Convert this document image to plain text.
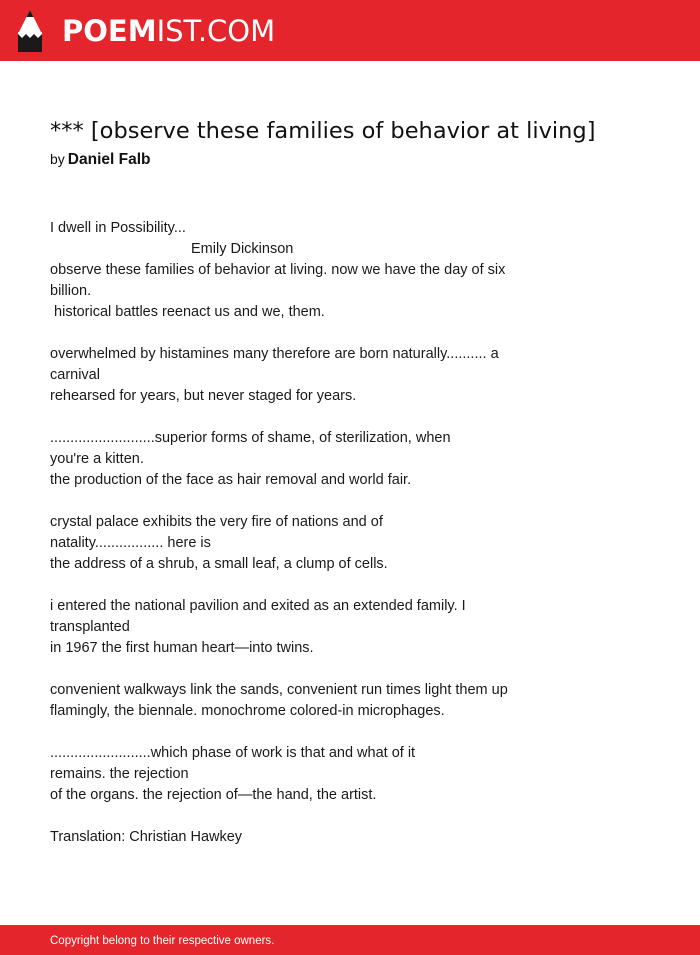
POEMIST.COM
*** [observe these families of behavior at living]
by Daniel Falb
I dwell in Possibility...
Emily Dickinson
observe these families of behavior at living. now we have the day of six
billion.
historical battles reenact us and we, them.
overwhelmed by histamines many therefore are born naturally.......... a
carnival
rehearsed for years, but never staged for years.
..........................superior forms of shame, of sterilization, when
you're a kitten.
the production of the face as hair removal and world fair.
crystal palace exhibits the very fire of nations and of
natality................. here is
the address of a shrub, a small leaf, a clump of cells.
i entered the national pavilion and exited as an extended family. I
transplanted
in 1967 the first human heart—into twins.
convenient walkways link the sands, convenient run times light them up
flamingly, the biennale. monochrome colored-in microphages.
.........................which phase of work is that and what of it
remains. the rejection
of the organs. the rejection of—the hand, the artist.
Translation: Christian Hawkey
Copyright belong to their respective owners.
